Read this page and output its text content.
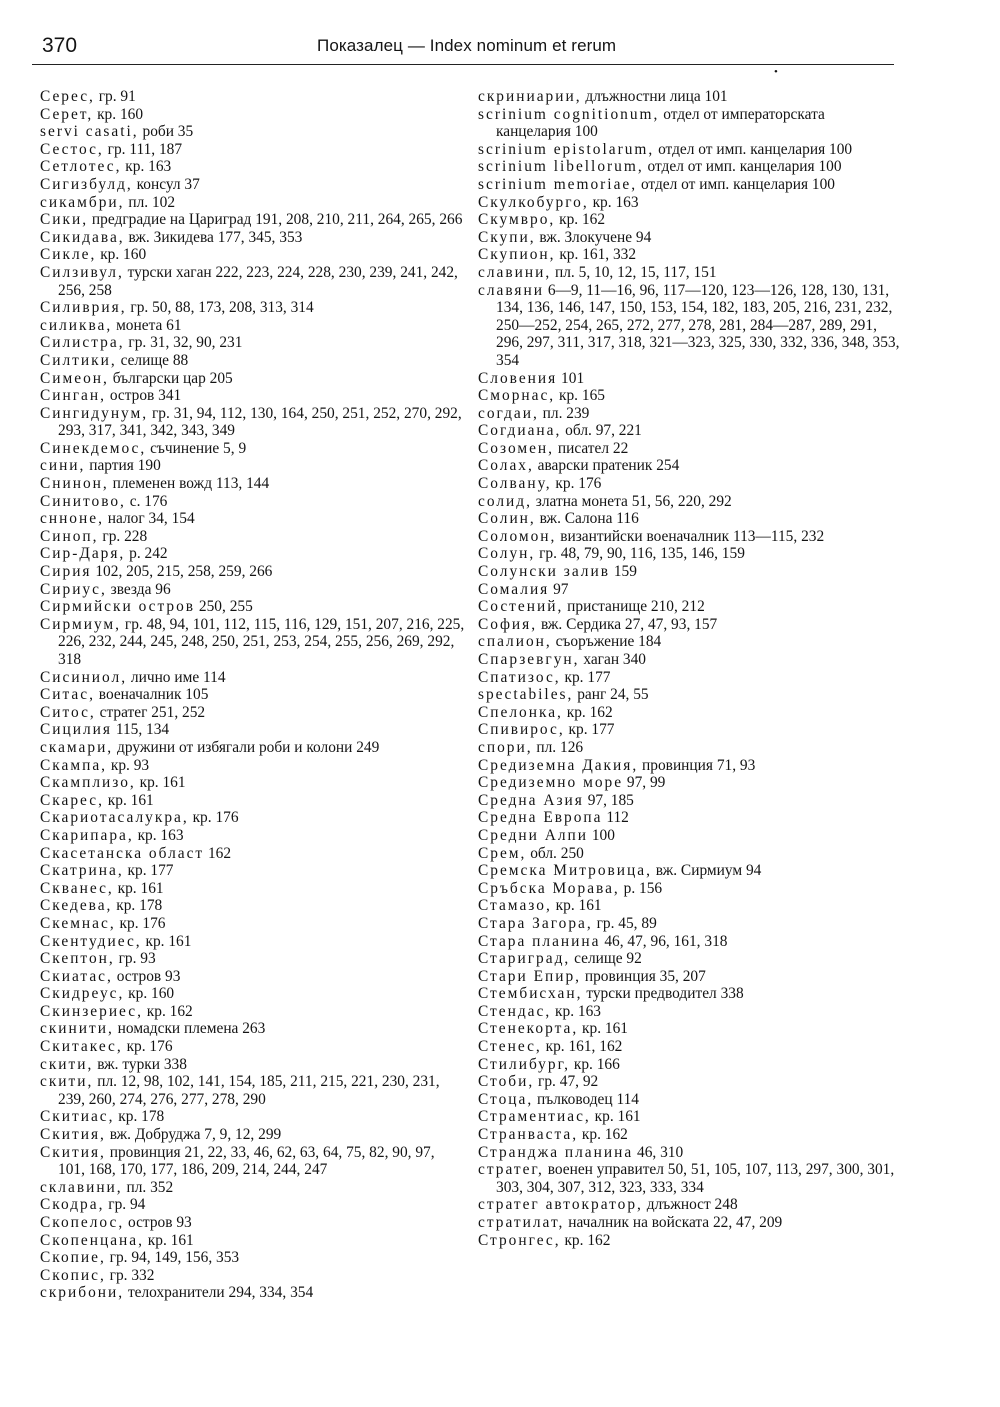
370	Показалец — Index nominum et rerum
•
Серес, гр. 91
Серет, кр. 160
servi casati, роби 35
Сестос, гр. 111, 187
Сетлотес, кр. 163
Сигизбулд, консул 37
сикамбри, пл. 102
Сики, предградие на Цариград 191, 208, 210, 211, 264, 265, 266
Сикидава, вж. Зикидева 177, 345, 353
Сикле, кр. 160
Силзивул, турски хаган 222, 223, 224, 228, 230, 239, 241, 242, 256, 258
Силиврия, гр. 50, 88, 173, 208, 313, 314
силиква, монета 61
Силистра, гр. 31, 32, 90, 231
Силтики, селище 88
Симеон, български цар 205
Синган, остров 341
Сингидунум, гр. 31, 94, 112, 130, 164, 250, 251, 252, 270, 292, 293, 317, 341, 342, 343, 349
Синекдемос, съчинение 5, 9
сини, партия 190
Снинон, племенен вожд 113, 144
Синитово, с. 176
снноне, налог 34, 154
Синоп, гр. 228
Сир-Даря, р. 242
Сирия 102, 205, 215, 258, 259, 266
Сириус, звезда 96
Сирмийски остров 250, 255
Сирмиум, гр. 48, 94, 101, 112, 115, 116, 129, 151, 207, 216, 225, 226, 232, 244, 245, 248, 250, 251, 253, 254, 255, 256, 269, 292, 318
Сисиниол, лично име 114
Ситас, военачалник 105
Ситос, стратег 251, 252
Сицилия 115, 134
скамари, дружини от избягали роби и колони 249
Скампа, кр. 93
Скамплизо, кр. 161
Скарес, кр. 161
Скариотасалукра, кр. 176
Скарипара, кр. 163
Скасетанска област 162
Скатрина, кр. 177
Скванес, кр. 161
Скедева, кр. 178
Скемнас, кр. 176
Скентудиес, кр. 161
Скептон, гр. 93
Скиатас, остров 93
Скидреус, кр. 160
Скинзериес, кр. 162
скинити, номадски племена 263
Скитакес, кр. 176
скити, вж. турки 338
скити, пл. 12, 98, 102, 141, 154, 185, 211, 215, 221, 230, 231, 239, 260, 274, 276, 277, 278, 290
Скитиас, кр. 178
Скития, вж. Добруджа 7, 9, 12, 299
Скития, провинция 21, 22, 33, 46, 62, 63, 64, 75, 82, 90, 97, 101, 168, 170, 177, 186, 209, 214, 244, 247
склавини, пл. 352
Скодра, гр. 94
Скопелос, остров 93
Скопенцана, кр. 161
Скопие, гр. 94, 149, 156, 353
Скопис, гр. 332
скрибони, телохранители 294, 334, 354
скриниарии, длъжностни лица 101
scrinium cognitionum, отдел от императорската канцелария 100
scrinium epistolarum, отдел от имп. канцелария 100
scrinium libellorum, отдел от имп. канцелария 100
scrinium memoriae, отдел от имп. канцелария 100
Скулкобурго, кр. 163
Скумвро, кр. 162
Скупи, вж. Злокучене 94
Скупион, кр. 161, 332
славини, пл. 5, 10, 12, 15, 117, 151
славяни 6—9, 11—16, 96, 117—120, 123—126, 128, 130, 131, 134, 136, 146, 147, 150, 153, 154, 182, 183, 205, 216, 231, 232, 250—252, 254, 265, 272, 277, 278, 281, 284—287, 289, 291, 296, 297, 311, 317, 318, 321—323, 325, 330, 332, 336, 348, 353, 354
Словения 101
Сморнас, кр. 165
согдаи, пл. 239
Согдиана, обл. 97, 221
Созомен, писател 22
Солах, аварски пратеник 254
Солвану, кр. 176
солид, златна монета 51, 56, 220, 292
Солин, вж. Салона 116
Соломон, византийски военачалник 113—115, 232
Солун, гр. 48, 79, 90, 116, 135, 146, 159
Солунски залив 159
Сомалия 97
Состений, пристанище 210, 212
София, вж. Сердика 27, 47, 93, 157
спалион, съоръжение 184
Спарзевгун, хаган 340
Спатизос, кр. 177
spectabiles, ранг 24, 55
Спелонка, кр. 162
Спивирос, кр. 177
спори, пл. 126
Средиземна Дакия, провинция 71, 93
Средиземно море 97, 99
Средна Азия 97, 185
Средна Европа 112
Средни Алпи 100
Срем, обл. 250
Сремска Митровица, вж. Сирмиум 94
Сръбска Морава, р. 156
Стамазо, кр. 161
Стара Загора, гр. 45, 89
Стара планина 46, 47, 96, 161, 318
Старигpад, селище 92
Стари Епир, провинция 35, 207
Стембисхан, турски предводител 338
Стендас, кр. 163
Стенекорта, кр. 161
Стенес, кр. 161, 162
Стилибург, кр. 166
Стоби, гр. 47, 92
Стоца, пълководец 114
Страментиас, кр. 161
Странваста, кр. 162
Странджа планина 46, 310
стратег, военен управител 50, 51, 105, 107, 113, 297, 300, 301, 303, 304, 307, 312, 323, 333, 334
стратег автократор, длъжност 248
стратилат, началник на войската 22, 47, 209
Стронгес, кр. 162
